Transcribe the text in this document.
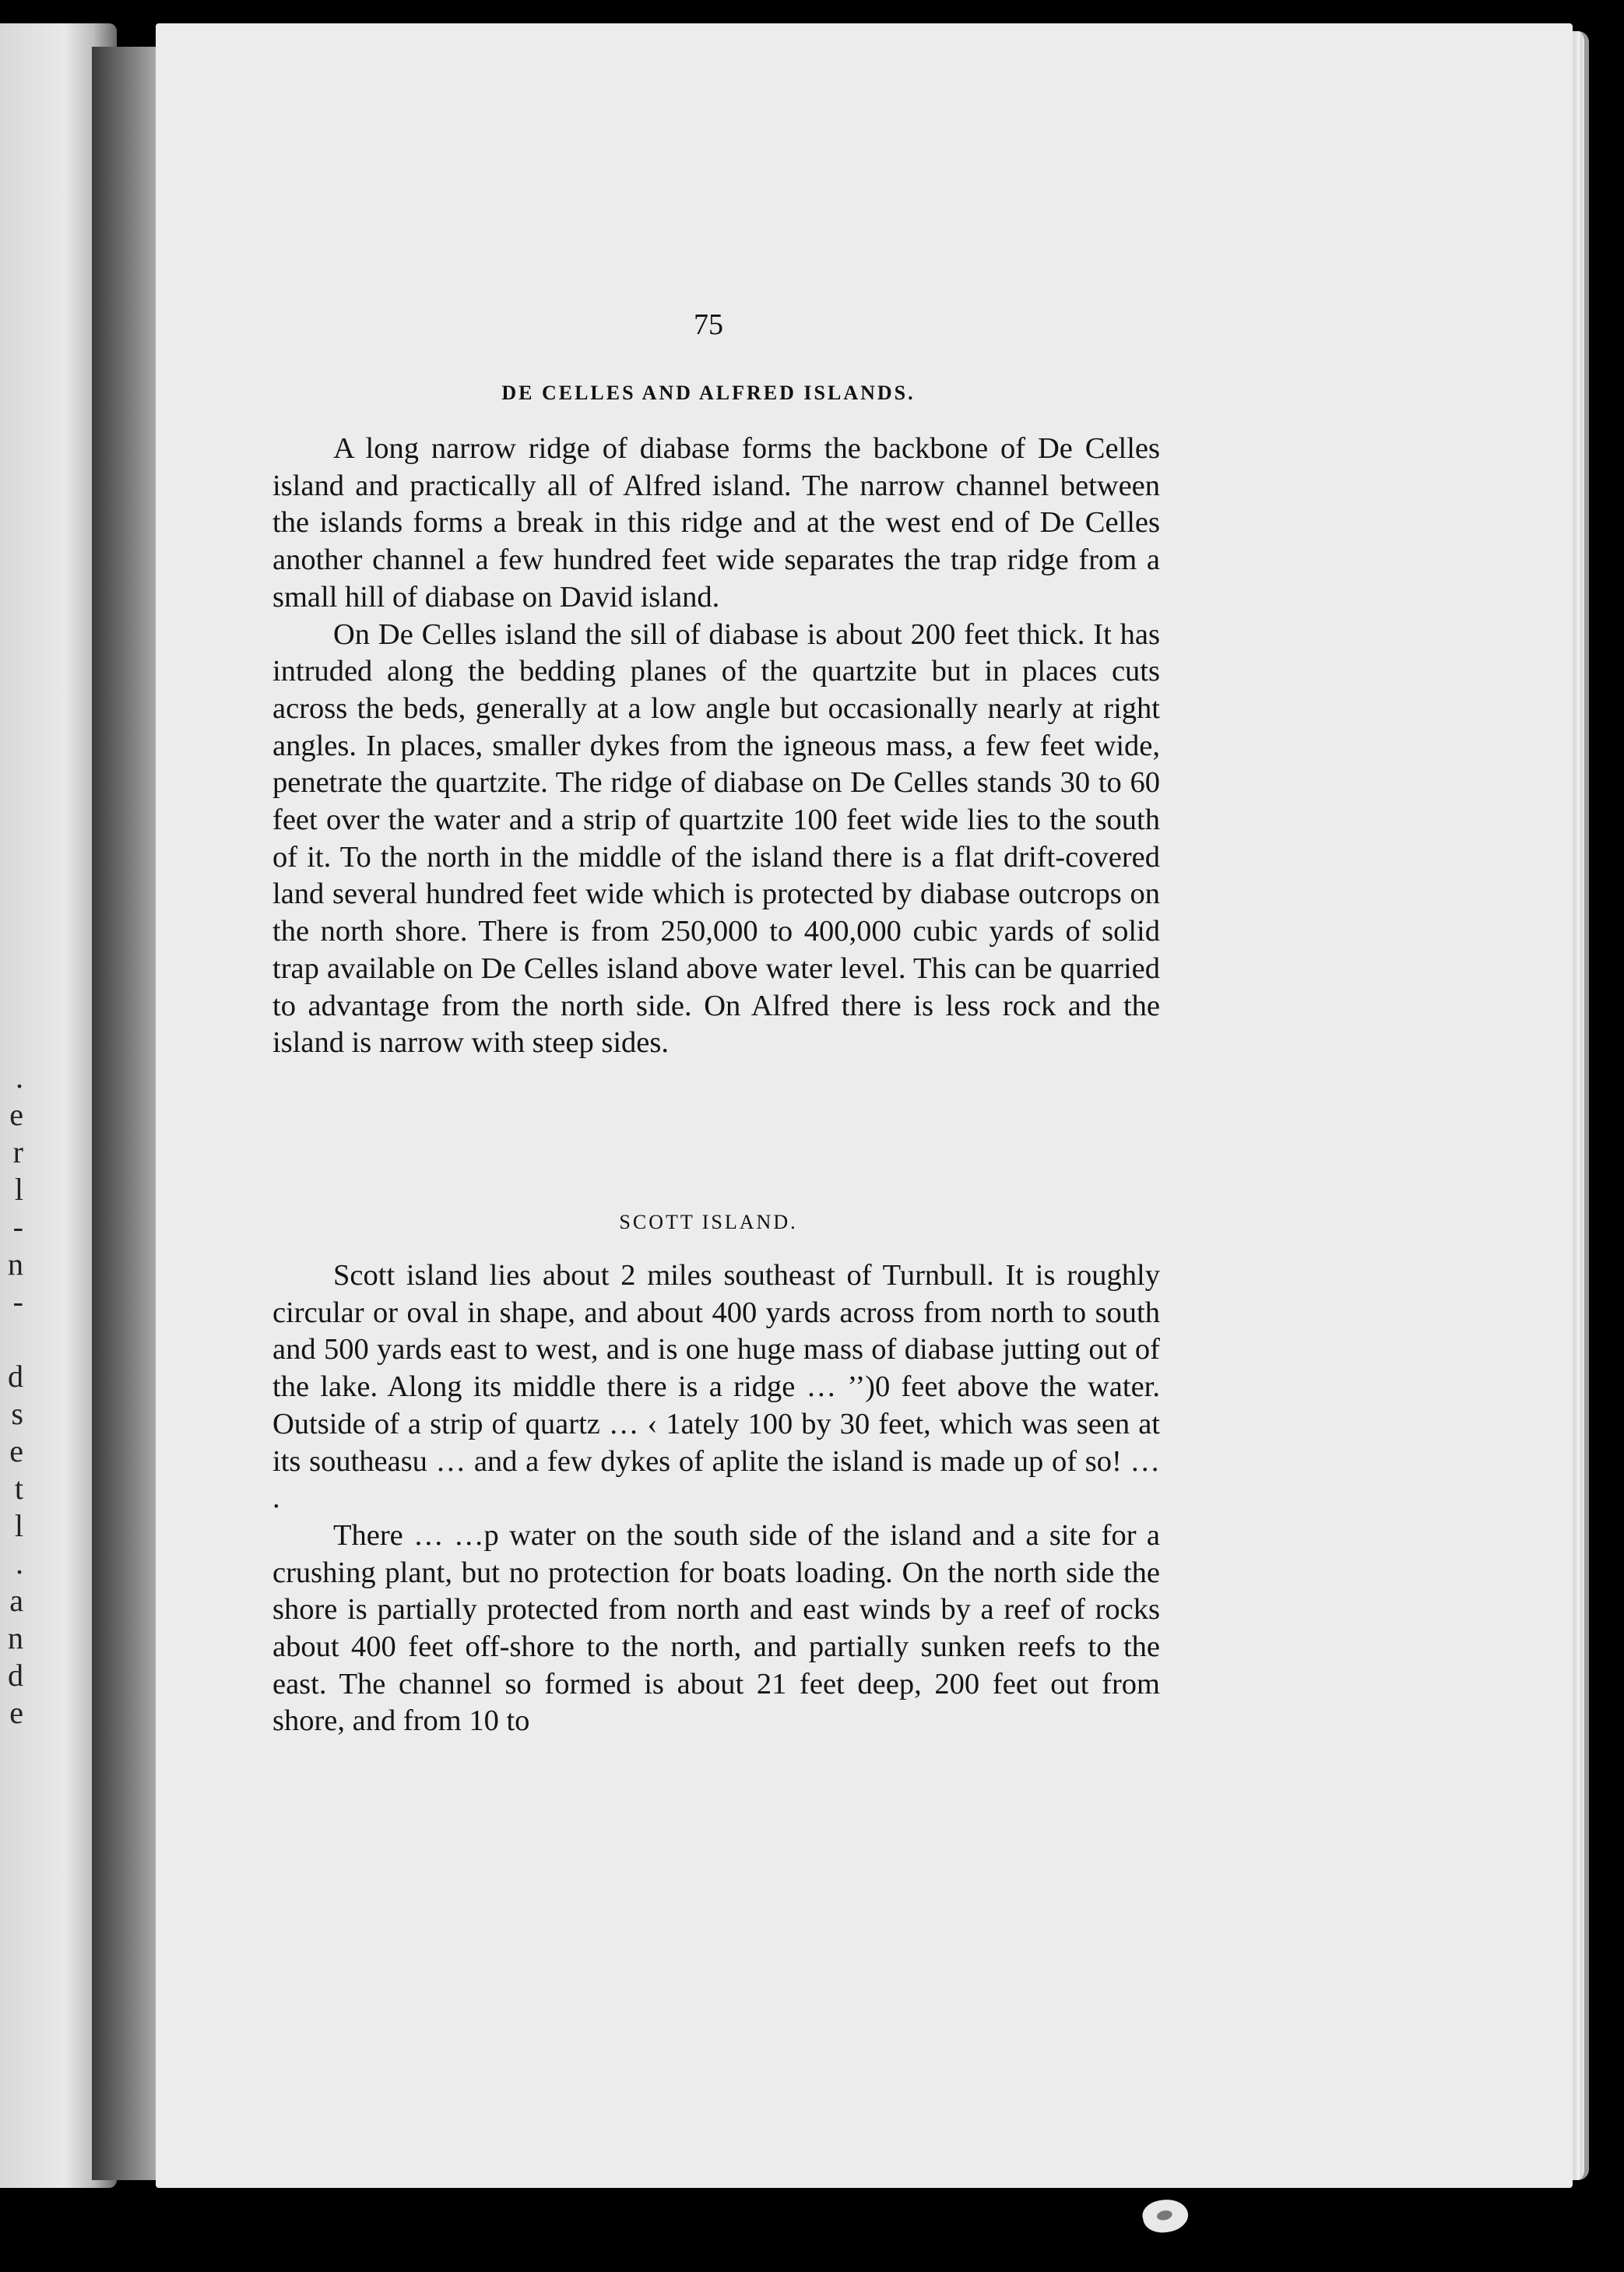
.
e
r
l
-
n
-

d
s
e
t
l
.
a
n
d
e
75
DE CELLES AND ALFRED ISLANDS.

A long narrow ridge of diabase forms the backbone of De Celles island and practically all of Alfred island. The narrow channel between the islands forms a break in this ridge and at the west end of De Celles another channel a few hundred feet wide separates the trap ridge from a small hill of diabase on David island.

On De Celles island the sill of diabase is about 200 feet thick. It has intruded along the bedding planes of the quartzite but in places cuts across the beds, generally at a low angle but occasionally nearly at right angles. In places, smaller dykes from the igneous mass, a few feet wide, penetrate the quartzite. The ridge of diabase on De Celles stands 30 to 60 feet over the water and a strip of quartzite 100 feet wide lies to the south of it. To the north in the middle of the island there is a flat drift-covered land several hundred feet wide which is protected by diabase outcrops on the north shore. There is from 250,000 to 400,000 cubic yards of solid trap available on De Celles island above water level. This can be quarried to advantage from the north side. On Alfred there is less rock and the island is narrow with steep sides.

SCOTT ISLAND.

Scott island lies about 2 miles southeast of Turnbull. It is roughly circular or oval in shape, and about 400 yards across from north to south and 500 yards east to west, and is one huge mass of diabase jutting out of the lake. Along its middle there is a ridge … ’’)0 feet above the water. Outside of a strip of quartz … ‹ 1ately 100 by 30 feet, which was seen at its southeasu … and a few dykes of aplite the island is made up of so! … .

There … …p water on the south side of the island and a site for a crushing plant, but no protection for boats loading. On the north side the shore is partially protected from north and east winds by a reef of rocks about 400 feet off-shore to the north, and partially sunken reefs to the east. The channel so formed is about 21 feet deep, 200 feet out from shore, and from 10 to
